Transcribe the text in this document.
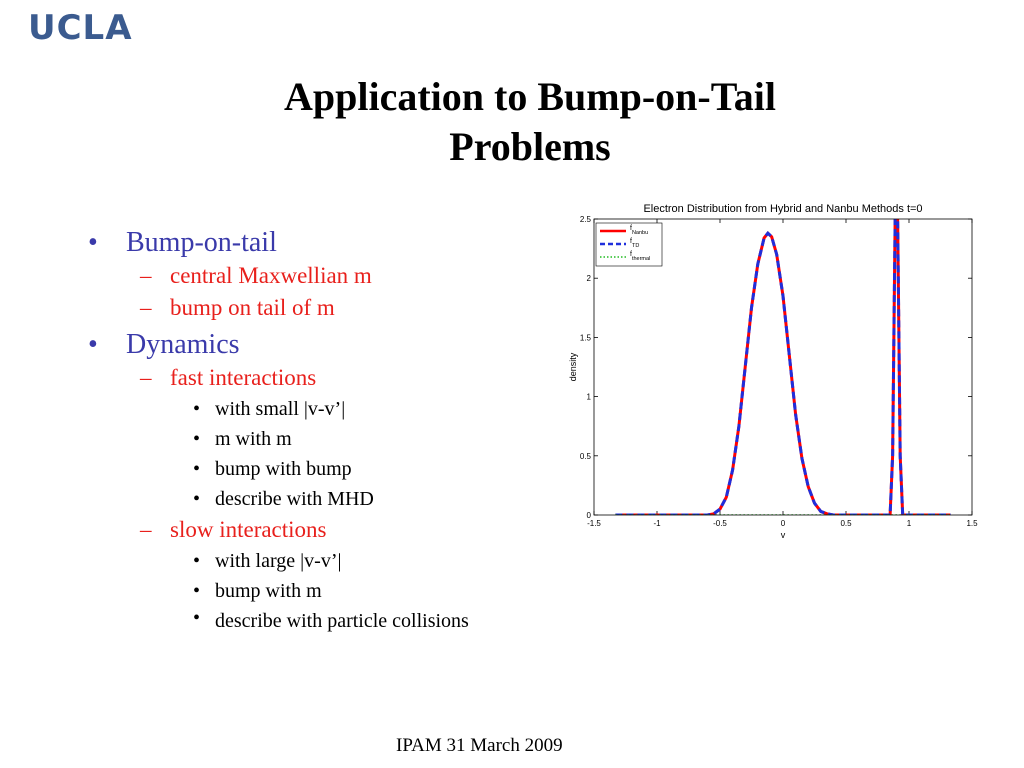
UCLA
Application to Bump-on-Tail Problems
• Bump-on-tail
– central Maxwellian m
– bump on tail of m
• Dynamics
– fast interactions
• with small |v-v’|
• m with m
• bump with bump
• describe with MHD
– slow interactions
• with large |v-v’|
• bump with m
• describe with particle collisions
Electron Distribution from Hybrid and Nanbu Methods t=0
-1.5	-1	-0.5	0	0.5	1	1.5
0
0.5
1
1.5
2
2.5
v
density
$f_{Nanbu}$
$f_{TD}$
$f_{thermal}$
IPAM 31 March 2009
